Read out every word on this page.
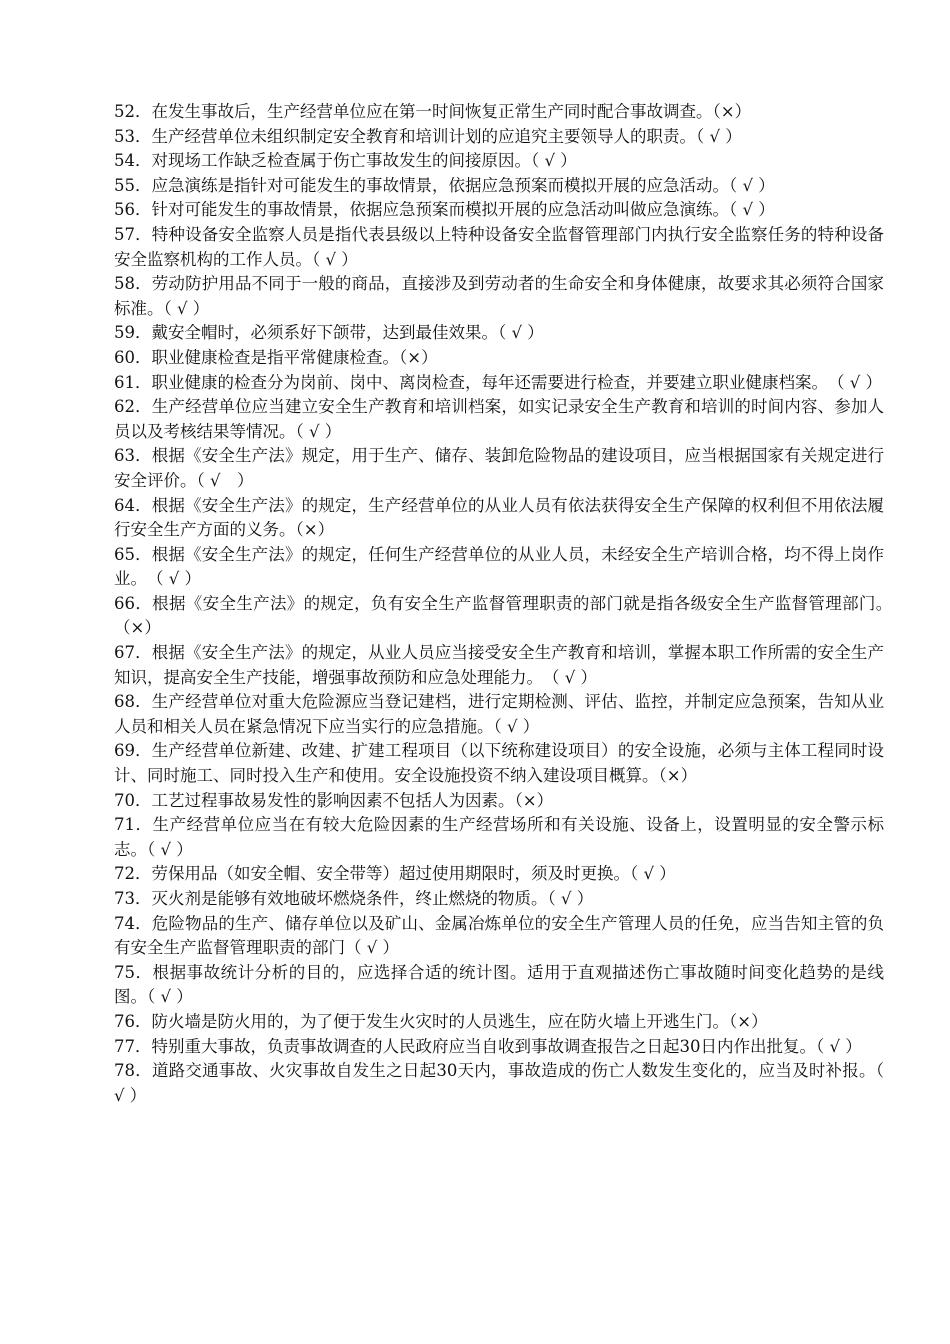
52．在发生事故后，生产经营单位应在第一时间恢复正常生产同时配合事故调查。（×）

53．生产经营单位未组织制定安全教育和培训计划的应追究主要领导人的职责。（ √ ）

54．对现场工作缺乏检查属于伤亡事故发生的间接原因。（ √ ）

55．应急演练是指针对可能发生的事故情景，依据应急预案而模拟开展的应急活动。（ √ ）

56．针对可能发生的事故情景，依据应急预案而模拟开展的应急活动叫做应急演练。（ √ ）

57．特种设备安全监察人员是指代表县级以上特种设备安全监督管理部门内执行安全监察任务的特种设备安全监察机构的工作人员。（ √ ）

58．劳动防护用品不同于一般的商品，直接涉及到劳动者的生命安全和身体健康，故要求其必须符合国家标准。（ √ ）

59．戴安全帽时，必须系好下颌带，达到最佳效果。（ √ ）

60．职业健康检查是指平常健康检查。（×）

61．职业健康的检查分为岗前、岗中、离岗检查，每年还需要进行检查，并要建立职业健康档案。　（ √ ）

62．生产经营单位应当建立安全生产教育和培训档案，如实记录安全生产教育和培训的时间内容、参加人员以及考核结果等情况。（ √ ）

63．根据《安全生产法》规定，用于生产、储存、装卸危险物品的建设项目，应当根据国家有关规定进行安全评价。（ √　）

64．根据《安全生产法》的规定，生产经营单位的从业人员有依法获得安全生产保障的权利但不用依法履行安全生产方面的义务。（×）

65．根据《安全生产法》的规定，任何生产经营单位的从业人员，未经安全生产培训合格，均不得上岗作业。　（ √ ）

66．根据《安全生产法》的规定，负有安全生产监督管理职责的部门就是指各级安全生产监督管理部门。　（×）

67．根据《安全生产法》的规定，从业人员应当接受安全生产教育和培训，掌握本职工作所需的安全生产知识，提高安全生产技能，增强事故预防和应急处理能力。　（ √ ）

68．生产经营单位对重大危险源应当登记建档，进行定期检测、评估、监控，并制定应急预案，告知从业人员和相关人员在紧急情况下应当实行的应急措施。（ √ ）

69．生产经营单位新建、改建、扩建工程项目（以下统称建设项目）的安全设施，必须与主体工程同时设计、同时施工、同时投入生产和使用。安全设施投资不纳入建设项目概算。（×）

70．工艺过程事故易发性的影响因素不包括人为因素。（×）

71．生产经营单位应当在有较大危险因素的生产经营场所和有关设施、设备上，设置明显的安全警示标志。（ √ ）

72．劳保用品（如安全帽、安全带等）超过使用期限时，须及时更换。（ √ ）

73．灭火剂是能够有效地破坏燃烧条件，终止燃烧的物质。（ √ ）

74．危险物品的生产、储存单位以及矿山、金属冶炼单位的安全生产管理人员的任免，应当告知主管的负有安全生产监督管理职责的部门（ √ ）

75．根据事故统计分析的目的，应选择合适的统计图。适用于直观描述伤亡事故随时间变化趋势的是线图。（ √ ）

76．防火墙是防火用的，为了便于发生火灾时的人员逃生，应在防火墙上开逃生门。（×）

77．特别重大事故，负责事故调查的人民政府应当自收到事故调查报告之日起30日内作出批复。（ √ ）

78．道路交通事故、火灾事故自发生之日起30天内，事故造成的伤亡人数发生变化的，应当及时补报。（ √ ）
